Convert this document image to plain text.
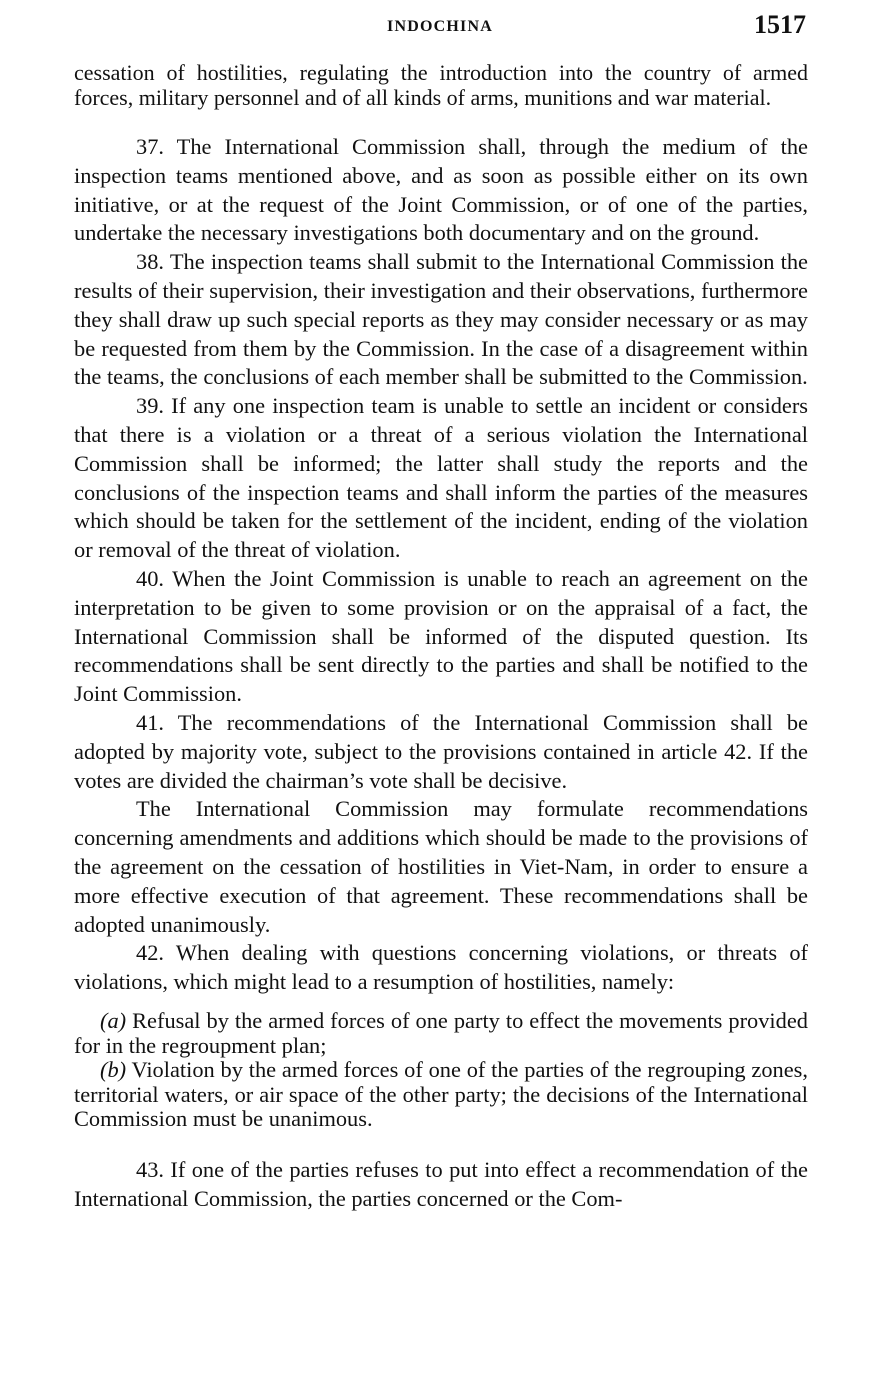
INDOCHINA	1517

cessation of hostilities, regulating the introduction into the country of armed forces, military personnel and of all kinds of arms, munitions and war material.

37. The International Commission shall, through the medium of the inspection teams mentioned above, and as soon as possible either on its own initiative, or at the request of the Joint Commission, or of one of the parties, undertake the necessary investigations both documentary and on the ground.

38. The inspection teams shall submit to the International Commission the results of their supervision, their investigation and their observations, furthermore they shall draw up such special reports as they may consider necessary or as may be requested from them by the Commission. In the case of a disagreement within the teams, the conclusions of each member shall be submitted to the Commission.

39. If any one inspection team is unable to settle an incident or considers that there is a violation or a threat of a serious violation the International Commission shall be informed; the latter shall study the reports and the conclusions of the inspection teams and shall inform the parties of the measures which should be taken for the settlement of the incident, ending of the violation or removal of the threat of violation.

40. When the Joint Commission is unable to reach an agreement on the interpretation to be given to some provision or on the appraisal of a fact, the International Commission shall be informed of the disputed question. Its recommendations shall be sent directly to the parties and shall be notified to the Joint Commission.

41. The recommendations of the International Commission shall be adopted by majority vote, subject to the provisions contained in article 42. If the votes are divided the chairman’s vote shall be decisive.

The International Commission may formulate recommendations concerning amendments and additions which should be made to the provisions of the agreement on the cessation of hostilities in Viet-Nam, in order to ensure a more effective execution of that agreement. These recommendations shall be adopted unanimously.

42. When dealing with questions concerning violations, or threats of violations, which might lead to a resumption of hostilities, namely:

(a) Refusal by the armed forces of one party to effect the movements provided for in the regroupment plan;

(b) Violation by the armed forces of one of the parties of the regrouping zones, territorial waters, or air space of the other party; the decisions of the International Commission must be unanimous.

43. If one of the parties refuses to put into effect a recommendation of the International Commission, the parties concerned or the Com-
